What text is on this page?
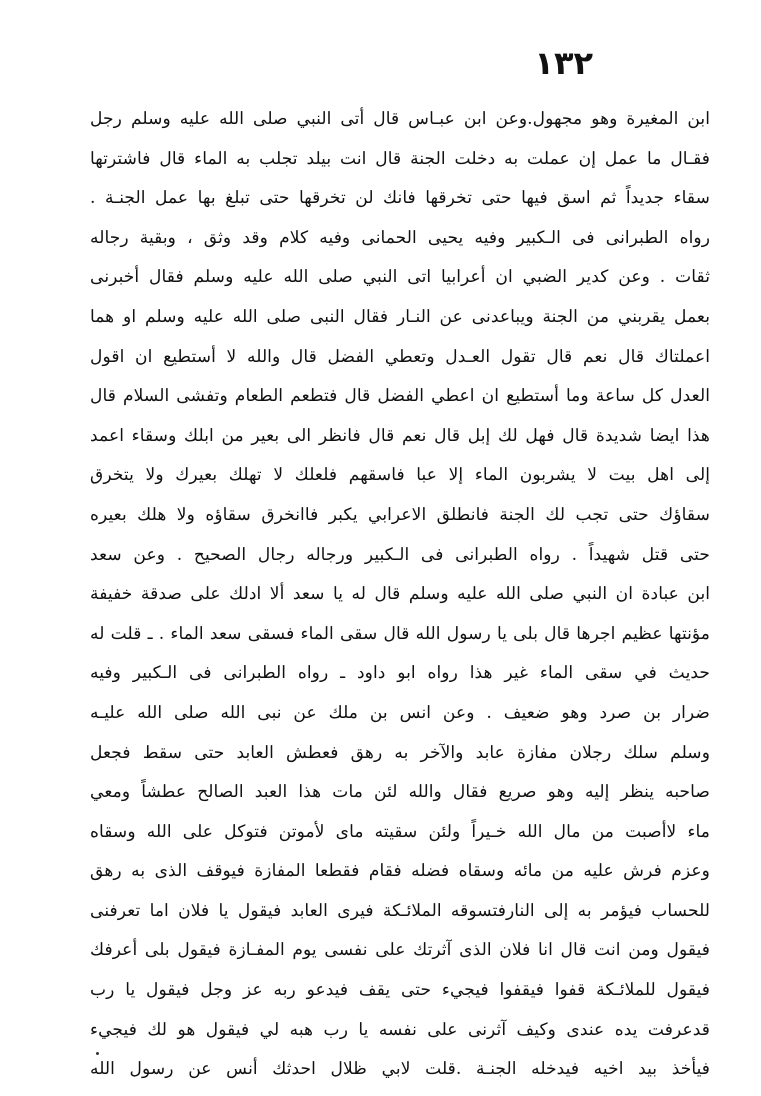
١٣٢
ابن المغيرة وهو مجهول.وعن ابن عبـاس قال أتى النبي صلى الله عليه وسلم رجل
فقـال ما عمل إن عملت به دخلت الجنة قال انت بيلد تجلب به الماء قال فاشترتها
سقاء جديداً ثم اسق فيها حتى تخرقها فانك لن تخرقها حتى تبلغ بها عمل الجنـة .
رواه الطبرانى فى الـكبير وفيه يحيى الحمانى وفيه كلام وقد وثق ، وبقية رجاله
ثقات . وعن كدير الضبي ان أعرابيا اتى النبي صلى الله عليه وسلم فقال أخبرنى
بعمل يقربني من الجنة ويباعدنى عن النـار فقال النبى صلى الله عليه وسلم او هما
اعملتاك قال نعم قال تقول العـدل وتعطي الفضل قال والله لا أستطيع ان اقول
العدل كل ساعة وما أستطيع ان اعطي الفضل قال فتطعم الطعام وتفشى السلام قال
هذا ايضا شديدة قال فهل لك إبل قال نعم قال فانظر الى بعير من ابلك وسقاء اعمد
إلى اهل بيت لا يشربون الماء إلا عبا فاسقهم فلعلك لا تهلك بعيرك ولا يتخرق
سقاؤك حتى تجب لك الجنة فانطلق الاعرابي يكبر فاانخرق سقاؤه ولا هلك بعيره
حتى قتل شهيداً . رواه الطبرانى فى الـكبير ورجاله رجال الصحيح . وعن سعد
ابن عبادة ان النبي صلى الله عليه وسلم قال له يا سعد ألا ادلك على صدقة خفيفة
مؤنتها عظيم اجرها قال بلى يا رسول الله قال سقى الماء فسقى سعد الماء . ـ قلت له
حديث في سقى الماء غير هذا رواه ابو داود ـ رواه الطبرانى فى الـكبير وفيه
ضرار بن صرد وهو ضعيف . وعن انس بن ملك عن نبى الله صلى الله عليـه
وسلم سلك رجلان مفازة عابد والآخر به رهق فعطش العابد حتى سقط فجعل
صاحبه ينظر إليه وهو صريع فقال والله لئن مات هذا العبد الصالح عطشاً ومعي
ماء لاأصبت من مال الله خـيراً ولئن سقيته ماى لأموتن فتوكل على الله وسقاه
وعزم فرش عليه من مائه وسقاه فضله فقام فقطعا المفازة فيوقف الذى به رهق
للحساب فيؤمر به إلى النارفتسوقه الملائـكة فيرى العابد فيقول يا فلان اما تعرفنى
فيقول ومن انت قال انا فلان الذى آثرتك على نفسى يوم المفـازة فيقول بلى أعرفك
فيقول للملائـكة قفوا فيقفوا فيجيء حتى يقف فيدعو ربه عز وجل فيقول يا رب
قدعرفت يده عندى وكيف آثرنى على نفسه يا رب هبه لي فيقول هو لك فيجيء
فيأخذ بيد اخيه فيدخله الجنـة .قلت لابي ظلال احدثك أنس عن رسول الله
